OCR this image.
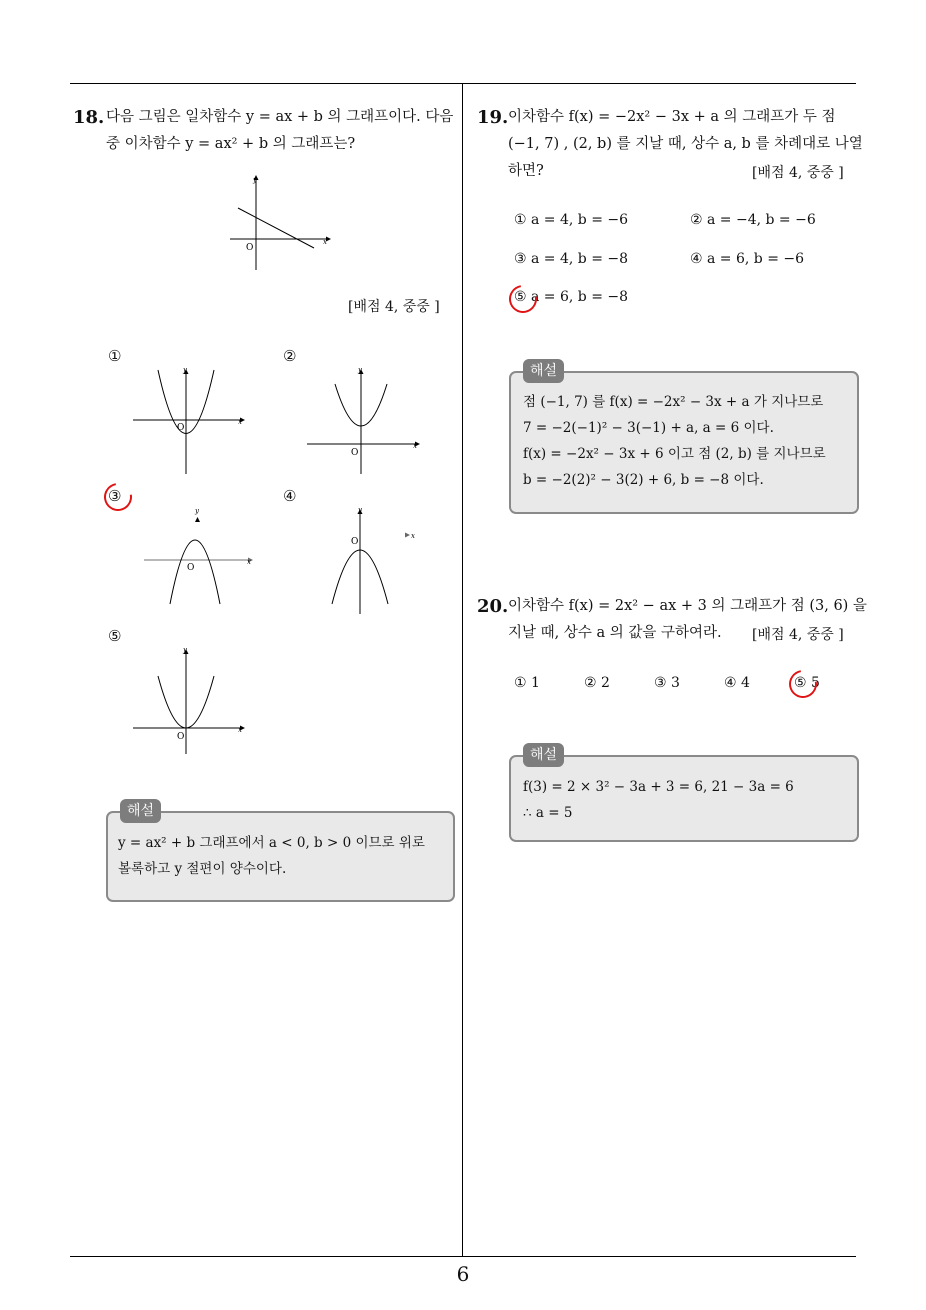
18. 다음 그림은 일차함수 y = ax + b 의 그래프이다. 다음
중 이차함수 y = ax² + b 의 그래프는?
y
x
O
[배점 4, 중중 ]
①	②
③	④
⑤
y
x
O
y
x
O
y
x
O
y
x
O
y
x
O
y = ax² + b 그래프에서 a < 0, b > 0 이므로 위로
볼록하고 y 절편이 양수이다.
해설
19. 이차함수 f(x) = −2x² − 3x + a 의 그래프가 두 점
(−1, 7) , (2, b) 를 지날 때, 상수 a, b 를 차례대로 나열
하면?	[배점 4, 중중 ]
① a = 4, b = −6	② a = −4, b = −6
③ a = 4, b = −8	④ a = 6, b = −6
⑤ a = 6, b = −8
점 (−1, 7) 를 f(x) = −2x² − 3x + a 가 지나므로
7 = −2(−1)² − 3(−1) + a, a = 6 이다.
f(x) = −2x² − 3x + 6 이고 점 (2, b) 를 지나므로
b = −2(2)² − 3(2) + 6, b = −8 이다.
해설
20. 이차함수 f(x) = 2x² − ax + 3 의 그래프가 점 (3, 6) 을
지날 때, 상수 a 의 값을 구하여라. [배점 4, 중중 ]
① 1	② 2	③ 3	④ 4	⑤ 5
f(3) = 2 × 3² − 3a + 3 = 6, 21 − 3a = 6
∴ a = 5
해설
6
